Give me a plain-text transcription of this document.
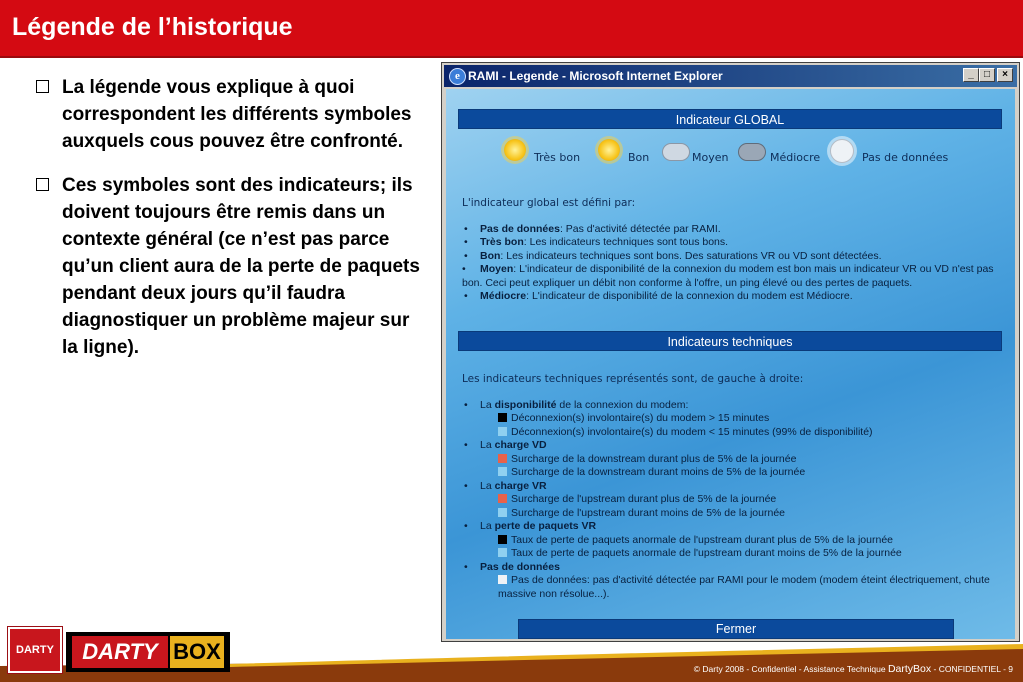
Légende de l’historique
La légende vous explique à quoi correspondent les différents symboles auxquels cous pouvez être confronté.
Ces symboles sont des indicateurs; ils doivent toujours être remis dans un contexte général (ce n’est pas parce qu’un client aura de la perte de paquets pendant deux jours qu’il faudra diagnostiquer un problème majeur sur la ligne).
e RAMI - Legende - Microsoft Internet Explorer	_	□	×
Indicateur GLOBAL
Très bon	Bon	Moyen	Médiocre	Pas de données
L'indicateur global est défini par:
• Pas de données: Pas d'activité détectée par RAMI.
• Très bon: Les indicateurs techniques sont tous bons.
• Bon: Les indicateurs techniques sont bons. Des saturations VR ou VD sont détectées.
• Moyen: L'indicateur de disponibilité de la connexion du modem est bon mais un indicateur VR ou VD n'est pas bon. Ceci peut expliquer un débit non conforme à l'offre, un ping élevé ou des pertes de paquets.
• Médiocre: L'indicateur de disponibilité de la connexion du modem est Médiocre.
Indicateurs techniques
Les indicateurs techniques représentés sont, de gauche à droite:
• La disponibilité de la connexion du modem:
Déconnexion(s) involontaire(s) du modem > 15 minutes
Déconnexion(s) involontaire(s) du modem < 15 minutes (99% de disponibilité)
• La charge VD
Surcharge de la downstream durant plus de 5% de la journée
Surcharge de la downstream durant moins de 5% de la journée
• La charge VR
Surcharge de l'upstream durant plus de 5% de la journée
Surcharge de l'upstream durant moins de 5% de la journée
• La perte de paquets VR
Taux de perte de paquets anormale de l'upstream durant plus de 5% de la journée
Taux de perte de paquets anormale de l'upstream durant moins de 5% de la journée
• Pas de données
Pas de données: pas d'activité détectée par RAMI pour le modem (modem éteint électriquement, chute massive non résolue...).
Fermer
DARTY	DARTY BOX
© Darty 2008 - Confidentiel - Assistance Technique DartyBox - CONFIDENTIEL - 9
